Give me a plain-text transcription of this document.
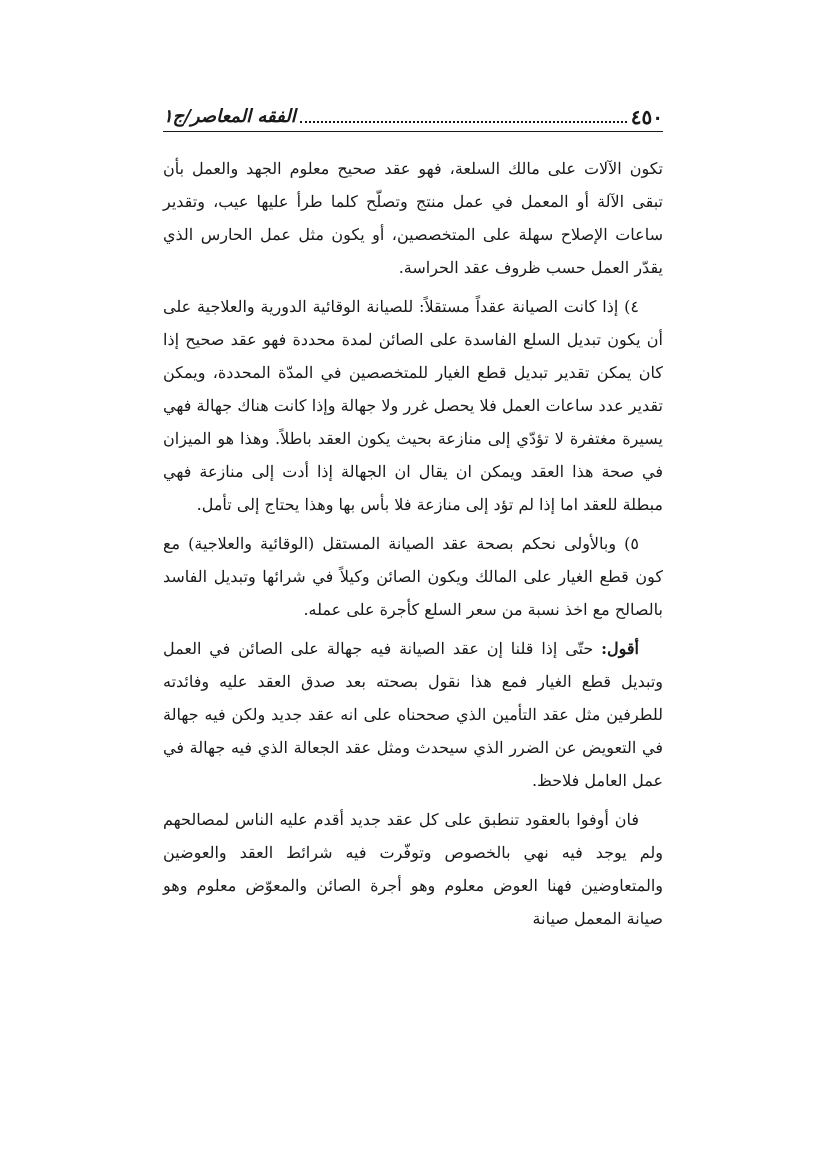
٤٥٠
الفقه المعاصر/ج١

تكون الآلات على مالك السلعة، فهو عقد صحيح معلوم الجهد والعمل بأن تبقى الآلة أو المعمل في عمل منتج وتصلّح كلما طرأ عليها عيب، وتقدير ساعات الإصلاح سهلة على المتخصصين، أو يكون مثل عمل الحارس الذي يقدّر العمل حسب ظروف عقد الحراسة.

٤) إذا كانت الصيانة عقداً مستقلاً: للصيانة الوقائية الدورية والعلاجية على أن يكون تبديل السلع الفاسدة على الصائن لمدة محددة فهو عقد صحيح إذا كان يمكن تقدير تبديل قطع الغيار للمتخصصين في المدّة المحددة، ويمكن تقدير عدد ساعات العمل فلا يحصل غرر ولا جهالة وإذا كانت هناك جهالة فهي يسيرة مغتفرة لا تؤدّي إلى منازعة بحيث يكون العقد باطلاً. وهذا هو الميزان في صحة هذا العقد ويمكن ان يقال ان الجهالة إذا أدت إلى منازعة فهي مبطلة للعقد اما إذا لم تؤد إلى منازعة فلا بأس بها وهذا يحتاج إلى تأمل.

٥) وبالأولى نحكم بصحة عقد الصيانة المستقل (الوقائية والعلاجية) مع كون قطع الغيار على المالك ويكون الصائن وكيلاً في شرائها وتبديل الفاسد بالصالح مع اخذ نسبة من سعر السلع كأجرة على عمله.

أقول: حتّى إذا قلنا إن عقد الصيانة فيه جهالة على الصائن في العمل وتبديل قطع الغيار فمع هذا نقول بصحته بعد صدق العقد عليه وفائدته للطرفين مثل عقد التأمين الذي صححناه على انه عقد جديد ولكن فيه جهالة في التعويض عن الضرر الذي سيحدث ومثل عقد الجعالة الذي فيه جهالة في عمل العامل فلاحظ.

فان أوفوا بالعقود تنطبق على كل عقد جديد أقدم عليه الناس لمصالحهم ولم يوجد فيه نهي بالخصوص وتوفّرت فيه شرائط العقد والعوضين والمتعاوضين فهنا العوض معلوم وهو أجرة الصائن والمعوّض معلوم وهو صيانة المعمل صيانة
